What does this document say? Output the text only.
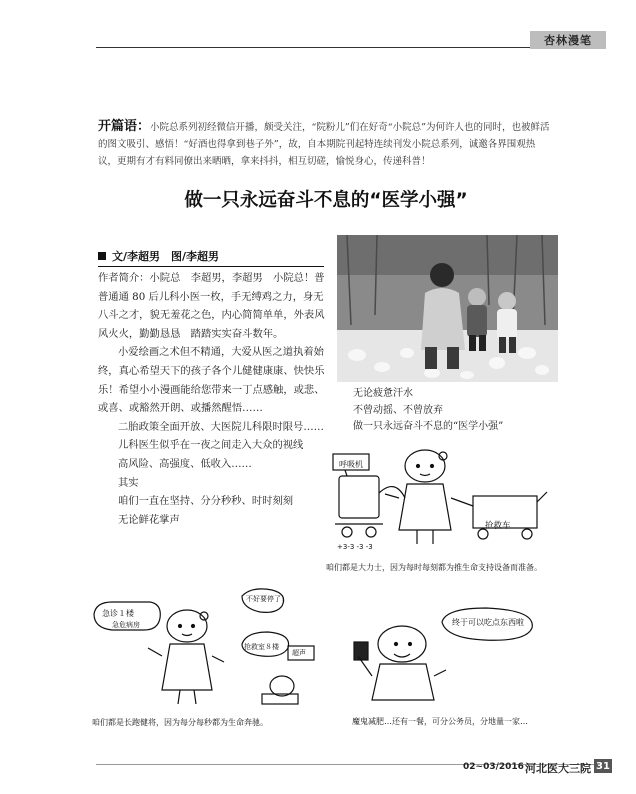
杏林漫笔
开篇语：小院总系列初经微信开播，颇受关注，“院粉儿”们在好奇“小院总”为何许人也的同时，也被鲜活的图文吸引、感悟！“好酒也得拿到巷子外”，故，自本期院刊起特连续刊发小院总系列，诚邀各界围观热议，更期有才有料同僚出来晒晒，拿来抖抖，相互切磋，愉悦身心，传递科普！
做一只永远奋斗不息的“医学小强”
文/李超男　图/李超男

作者简介：小院总　李超男，李超男　小院总！普普通通 80 后儿科小医一枚，手无缚鸡之力，身无八斗之才，貌无羞花之色，内心简简单单，外表风风火火，勤勤恳恳　踏踏实实奋斗数年。

小爱绘画之术但不精通，大爱从医之道执着始终，真心希望天下的孩子各个儿健健康康、快快乐乐！希望小小漫画能给您带来一丁点感触，或悲、或喜、或豁然开朗、或播然醒悟……

二胎政策全面开放、大医院儿科限时限号……

儿科医生似乎在一夜之间走入大众的视线

高风险、高强度、低收入……

其实

咱们一直在坚持、分分秒秒、时时刻刻

无论鲜花掌声

无论疲惫汗水
不曾动摇、不曾放弃
做一只永远奋斗不息的“医学小强”
呼吸机
抢救车
+3-3 -3 -3
咱们都是大力士，因为每时每刻都为推生命支持设备而准备。
急诊１楼
急危病房
抢救室８楼
不好要停了！
超声
咱们都是长跑健将，因为每分每秒都为生命奔驰。
终于可以吃点东西啦
魔鬼减肥…还有一餐，可分公务员，分地量一家…
02~03/2016 河北医大三院 31
